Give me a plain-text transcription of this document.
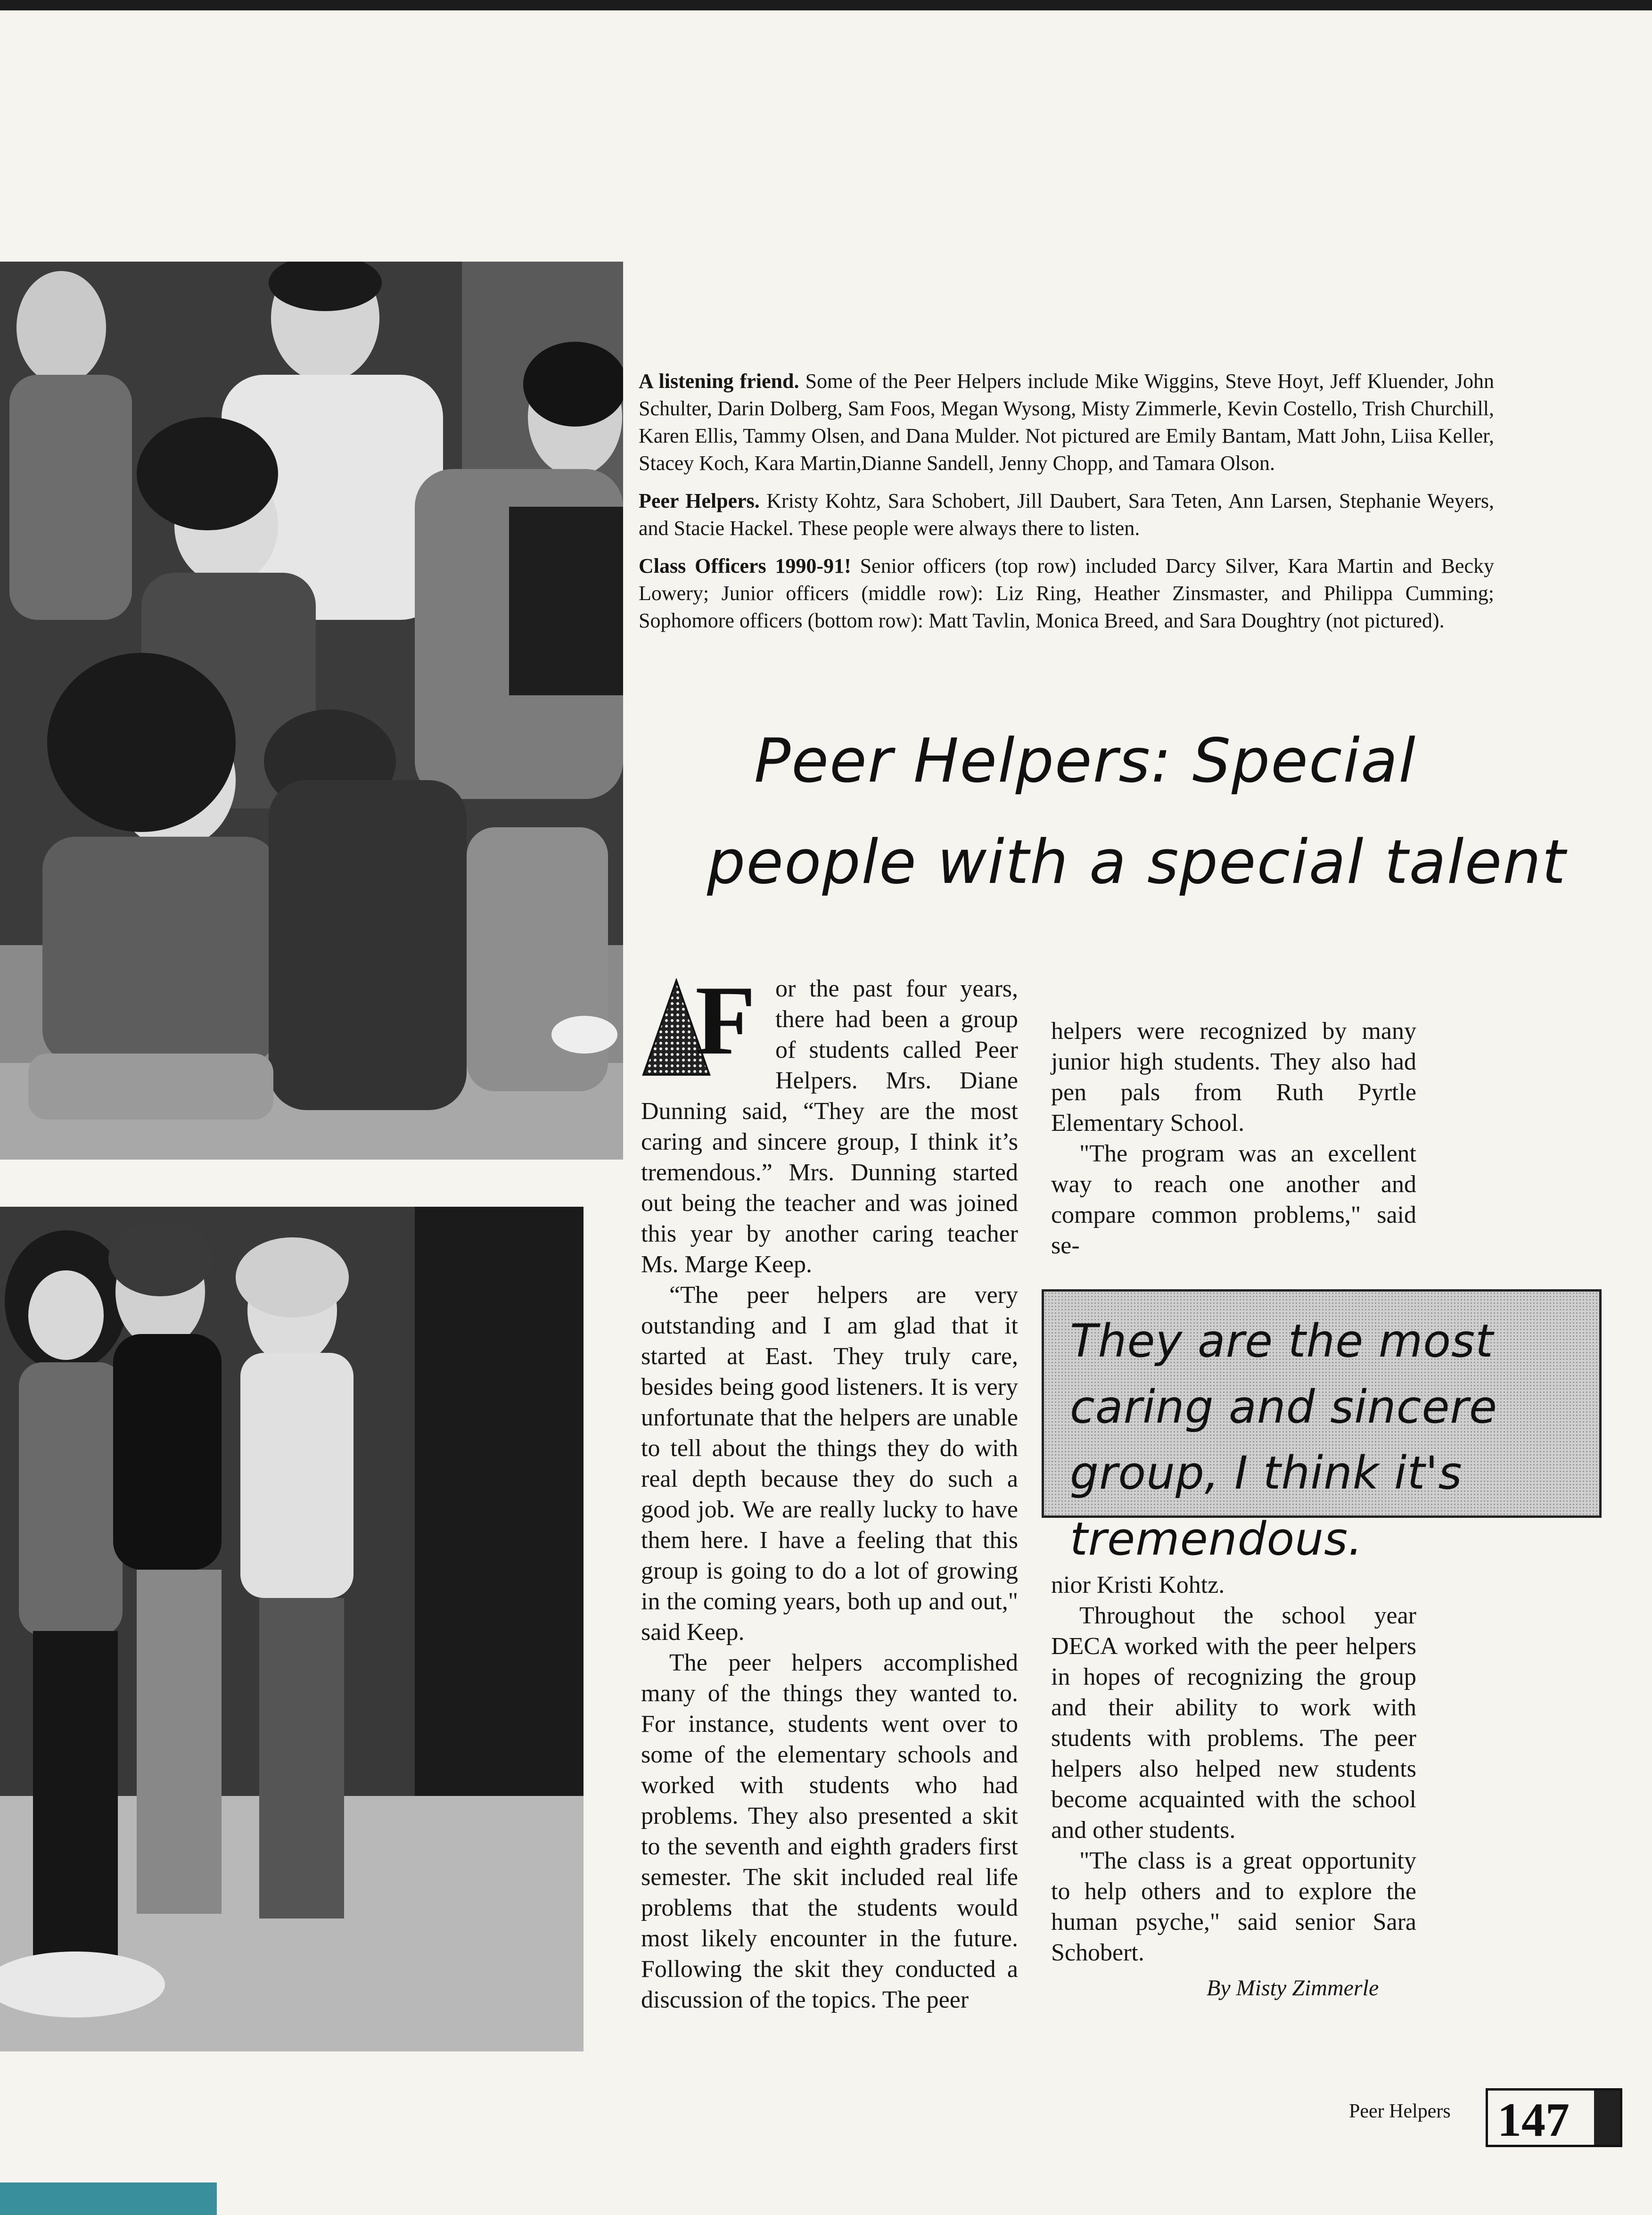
A listening friend. Some of the Peer Helpers include Mike Wiggins, Steve Hoyt, Jeff Kluender, John Schulter, Darin Dolberg, Sam Foos, Megan Wysong, Misty Zimmerle, Kevin Costello, Trish Churchill, Karen Ellis, Tammy Olsen, and Dana Mulder. Not pictured are Emily Bantam, Matt John, Liisa Keller, Stacey Koch, Kara Martin,Dianne Sandell, Jenny Chopp, and Tamara Olson.

Peer Helpers. Kristy Kohtz, Sara Schobert, Jill Daubert, Sara Teten, Ann Larsen, Stephanie Weyers, and Stacie Hackel. These people were always there to listen.

Class Officers 1990-91! Senior officers (top row) included Darcy Silver, Kara Martin and Becky Lowery; Junior officers (middle row): Liz Ring, Heather Zinsmaster, and Philippa Cumming; Sophomore officers (bottom row): Matt Tavlin, Monica Breed, and Sara Doughtry (not pictured).

Peer Helpers: Special
people with a special talent
F or the past four years, there had been a group of students called Peer Helpers. Mrs. Diane Dunning said, “They are the most caring and sincere group, I think it’s tremendous.” Mrs. Dunning started out being the teacher and was joined this year by another caring teacher Ms. Marge Keep.

“The peer helpers are very outstanding and I am glad that it started at East. They truly care, besides being good listeners. It is very unfortunate that the helpers are unable to tell about the things they do with real depth because they do such a good job. We are really lucky to have them here. I have a feeling that this group is going to do a lot of growing in the coming years, both up and out," said Keep.

The peer helpers accomplished many of the things they wanted to. For instance, students went over to some of the elementary schools and worked with students who had problems. They also presented a skit to the seventh and eighth graders first semester. The skit included real life problems that the students would most likely encounter in the future. Following the skit they conducted a discussion of the topics. The peer

helpers were recognized by many junior high students. They also had pen pals from Ruth Pyrtle Elementary School.

"The program was an excellent way to reach one another and compare common problems," said se-

They are the most caring and sincere group, I think it's tremendous.

nior Kristi Kohtz.

Throughout the school year DECA worked with the peer helpers in hopes of recognizing the group and their ability to work with students with problems. The peer helpers also helped new students become acquainted with the school and other students.

"The class is a great opportunity to help others and to explore the human psyche," said senior Sara Schobert.

By Misty Zimmerle
Peer Helpers 147
